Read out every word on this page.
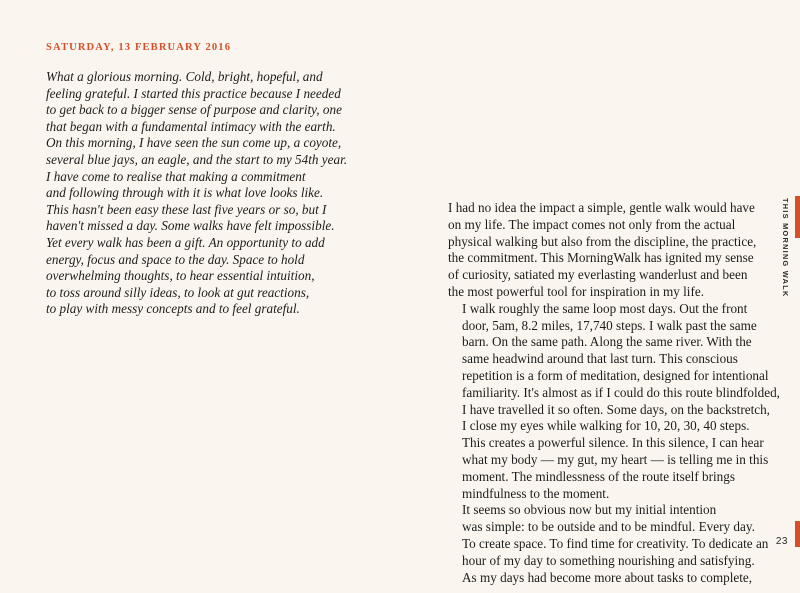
SATURDAY, 13 FEBRUARY 2016
What a glorious morning. Cold, bright, hopeful, and
feeling grateful. I started this practice because I needed
to get back to a bigger sense of purpose and clarity, one
that began with a fundamental intimacy with the earth.
On this morning, I have seen the sun come up, a coyote,
several blue jays, an eagle, and the start to my 54th year.
I have come to realise that making a commitment
and following through with it is what love looks like.
This hasn't been easy these last five years or so, but I
haven't missed a day. Some walks have felt impossible.
Yet every walk has been a gift. An opportunity to add
energy, focus and space to the day. Space to hold
overwhelming thoughts, to hear essential intuition,
to toss around silly ideas, to look at gut reactions,
to play with messy concepts and to feel grateful.

I had no idea the impact a simple, gentle walk would have
on my life. The impact comes not only from the actual
physical walking but also from the discipline, the practice,
the commitment. This MorningWalk has ignited my sense
of curiosity, satiated my everlasting wanderlust and been
the most powerful tool for inspiration in my life.

I walk roughly the same loop most days. Out the front
door, 5am, 8.2 miles, 17,740 steps. I walk past the same
barn. On the same path. Along the same river. With the
same headwind around that last turn. This conscious
repetition is a form of meditation, designed for intentional
familiarity. It's almost as if I could do this route blindfolded,
I have travelled it so often. Some days, on the backstretch,
I close my eyes while walking for 10, 20, 30, 40 steps.
This creates a powerful silence. In this silence, I can hear
what my body — my gut, my heart — is telling me in this
moment. The mindlessness of the route itself brings
mindfulness to the moment.

It seems so obvious now but my initial intention
was simple: to be outside and to be mindful. Every day.
To create space. To find time for creativity. To dedicate an
hour of my day to something nourishing and satisfying.
As my days had become more about tasks to complete,

THIS MORNING WALK
23
